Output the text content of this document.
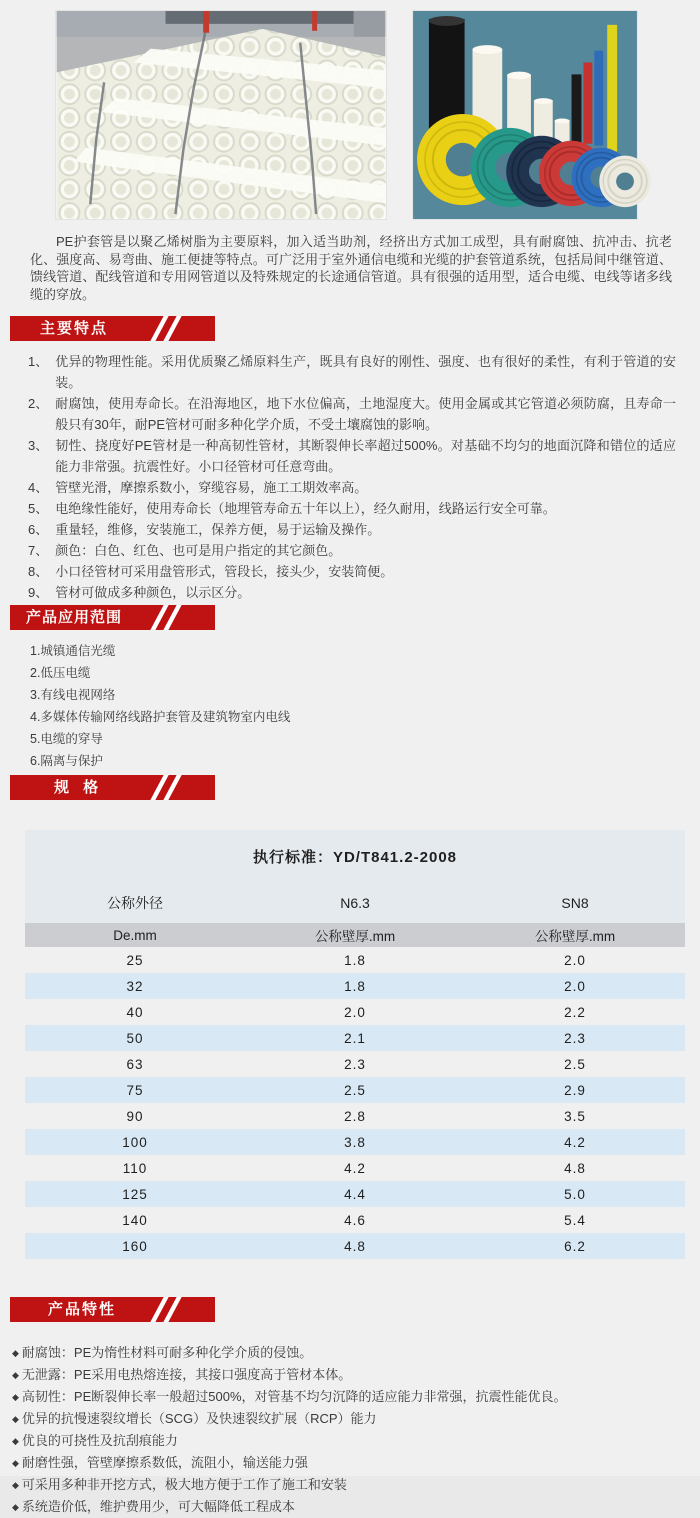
PE护套管是以聚乙烯树脂为主要原料，加入适当助剂，经挤出方式加工成型，具有耐腐蚀、抗冲击、抗老化、强度高、易弯曲、施工便捷等特点。可广泛用于室外通信电缆和光缆的护套管道系统，包括局间中继管道、馈线管道、配线管道和专用网管道以及特殊规定的长途通信管道。具有很强的适用型，适合电缆、电线等诸多线缆的穿放。

主要特点
1、 优异的物理性能。采用优质聚乙烯原料生产，既具有良好的刚性、强度、也有很好的柔性，有利于管道的安装。
2、 耐腐蚀，使用寿命长。在沿海地区，地下水位偏高，土地湿度大。使用金属或其它管道必须防腐，且寿命一般只有30年，耐PE管材可耐多种化学介质，不受土壤腐蚀的影响。
3、 韧性、挠度好PE管材是一种高韧性管材，其断裂伸长率超过500%。对基础不均匀的地面沉降和错位的适应能力非常强。抗震性好。小口径管材可任意弯曲。
4、 管壁光滑，摩擦系数小，穿缆容易，施工工期效率高。
5、 电绝缘性能好，使用寿命长（地埋管寿命五十年以上），经久耐用，线路运行安全可靠。
6、 重量轻，维修，安装施工，保养方便，易于运输及操作。
7、 颜色：白色、红色、也可是用户指定的其它颜色。
8、 小口径管材可采用盘管形式，管段长，接头少，安装简便。
9、 管材可做成多种颜色，以示区分。
产品应用范围
1.城镇通信光缆
2.低压电缆
3.有线电视网络
4.多媒体传输网络线路护套管及建筑物室内电线
5.电缆的穿导
6.隔离与保护
规 格
执行标准：YD/T841.2-2008		
公称外径	N6.3	SN8
De.mm	公称壁厚.mm	公称壁厚.mm
25	1.8	2.0
32	1.8	2.0
40	2.0	2.2
50	2.1	2.3
63	2.3	2.5
75	2.5	2.9
90	2.8	3.5
100	3.8	4.2
110	4.2	4.8
125	4.4	5.0
140	4.6	5.4
160	4.8	6.2
产品特性
◆ 耐腐蚀：PE为惰性材料可耐多种化学介质的侵蚀。
◆ 无泄露：PE采用电热熔连接，其接口强度高于管材本体。
◆ 高韧性：PE断裂伸长率一般超过500%，对管基不均匀沉降的适应能力非常强，抗震性能优良。
◆ 优异的抗慢速裂纹增长（SCG）及快速裂纹扩展（RCP）能力
◆ 优良的可挠性及抗刮痕能力
◆ 耐磨性强，管壁摩擦系数低，流阻小，输送能力强
◆ 可采用多种非开挖方式，极大地方便于工作了施工和安装
◆ 系统造价低，维护费用少，可大幅降低工程成本
